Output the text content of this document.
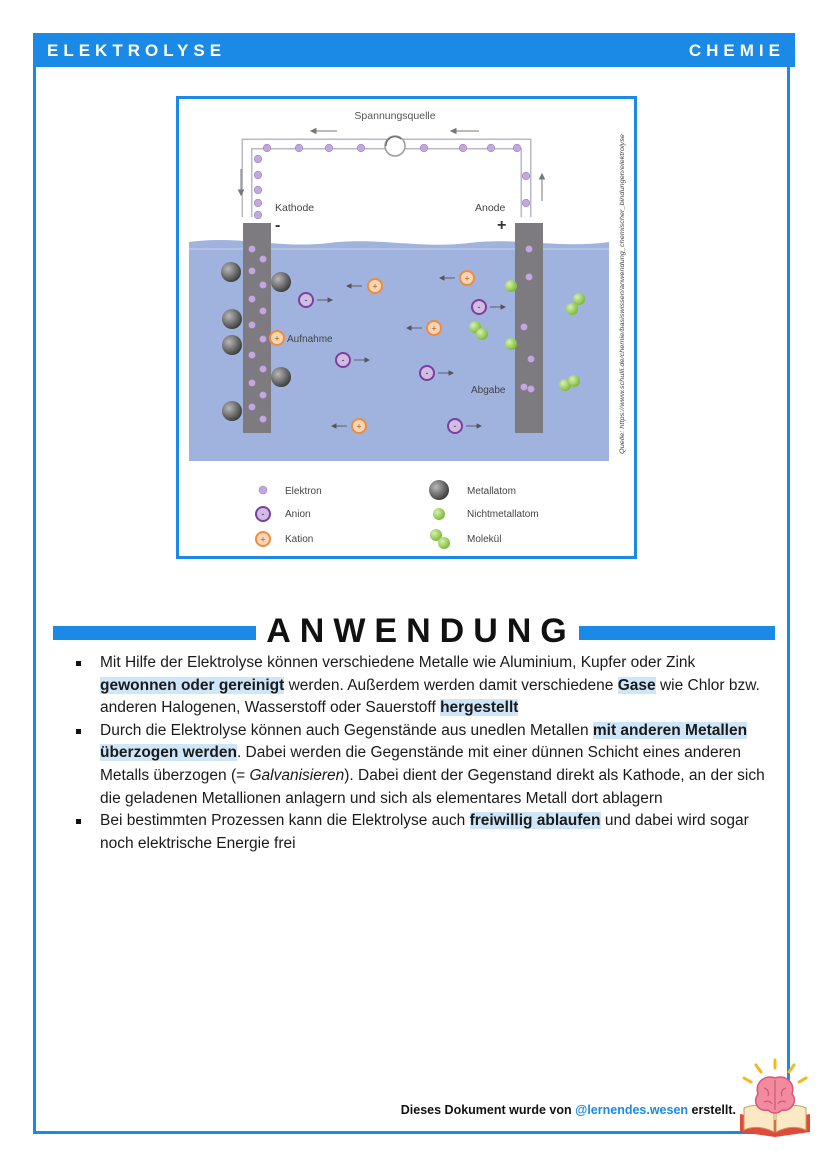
ELEKTROLYSE	CHEMIE
Spannungsquelle
Kathode
-
Anode
+
+
+
+
+
+
Aufnahme
-
-
-
-
-
Abgabe	Quelle: https://www.schulli.de/chemie/basiswissen/anwendung_chemischer_bindungen/elektrolyse
Elektron	Metallatom
- Anion	Nichtmetallatom
+ Kation	Molekül
ANWENDUNG
Mit Hilfe der Elektrolyse können verschiedene Metalle wie Aluminium, Kupfer oder Zink gewonnen oder gereinigt werden. Außerdem werden damit verschiedene Gase wie Chlor bzw. anderen Halogenen, Wasserstoff oder Sauerstoff hergestellt
Durch die Elektrolyse können auch Gegenstände aus unedlen Metallen mit anderen Metallen überzogen werden. Dabei werden die Gegenstände mit einer dünnen Schicht eines anderen Metalls überzogen (= Galvanisieren). Dabei dient der Gegenstand direkt als Kathode, an der sich die geladenen Metallionen anlagern und sich als elementares Metall dort ablagern
Bei bestimmten Prozessen kann die Elektrolyse auch freiwillig ablaufen und dabei wird sogar noch elektrische Energie frei
Dieses Dokument wurde von @lernendes.wesen erstellt.
